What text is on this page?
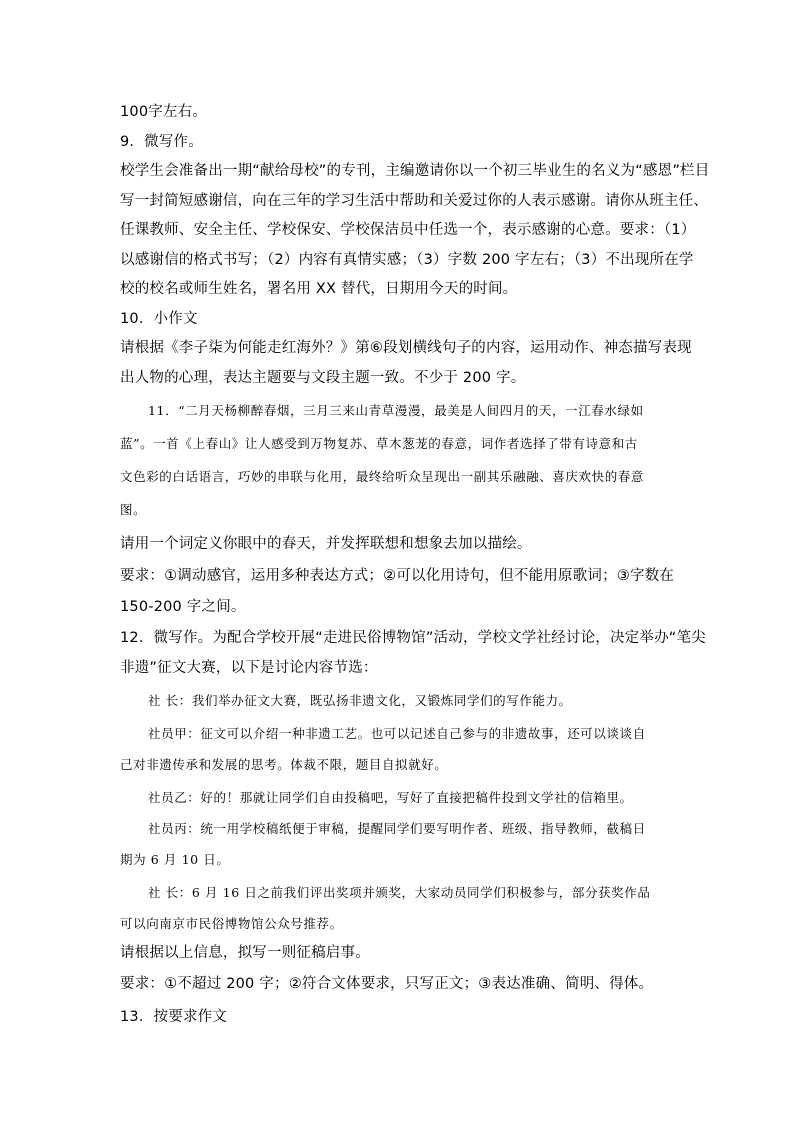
100字左右。
9．微写作。
校学生会准备出一期“献给母校”的专刊，主编邀请你以一个初三毕业生的名义为“感恩”栏目
写一封简短感谢信，向在三年的学习生活中帮助和关爱过你的人表示感谢。请你从班主任、
任课教师、安全主任、学校保安、学校保洁员中任选一个，表示感谢的心意。要求：（1）
以感谢信的格式书写；（2）内容有真情实感；（3）字数 200 字左右；（3）不出现所在学
校的校名或师生姓名，署名用 XX 替代，日期用今天的时间。
10．小作文
请根据《李子柒为何能走红海外？》第⑥段划横线句子的内容，运用动作、神态描写表现
出人物的心理，表达主题要与文段主题一致。不少于 200 字。
11．“二月天杨柳醉春烟，三月三来山青草漫漫，最美是人间四月的天，一江春水绿如
蓝”。一首《上春山》让人感受到万物复苏、草木葱茏的春意，词作者选择了带有诗意和古
文色彩的白话语言，巧妙的串联与化用，最终给听众呈现出一副其乐融融、喜庆欢快的春意
图。
请用一个词定义你眼中的春天，并发挥联想和想象去加以描绘。
要求：①调动感官，运用多种表达方式；②可以化用诗句，但不能用原歌词；③字数在
150-200 字之间。
12．微写作。为配合学校开展“走进民俗博物馆”活动，学校文学社经讨论，决定举办“笔尖
非遗”征文大赛，以下是讨论内容节选：
社 长：我们举办征文大赛，既弘扬非遗文化，又锻炼同学们的写作能力。
社员甲：征文可以介绍一种非遗工艺。也可以记述自己参与的非遗故事，还可以谈谈自
己对非遗传承和发展的思考。体裁不限，题目自拟就好。
社员乙：好的！那就让同学们自由投稿吧，写好了直接把稿件投到文学社的信箱里。
社员丙：统一用学校稿纸便于审稿，提醒同学们要写明作者、班级、指导教师，截稿日
期为 6 月 10 日。
社 长：6 月 16 日之前我们评出奖项并颁奖，大家动员同学们积极参与，部分获奖作品
可以向南京市民俗博物馆公众号推荐。
请根据以上信息，拟写一则征稿启事。
要求：①不超过 200 字；②符合文体要求，只写正文；③表达准确、简明、得体。
13．按要求作文
